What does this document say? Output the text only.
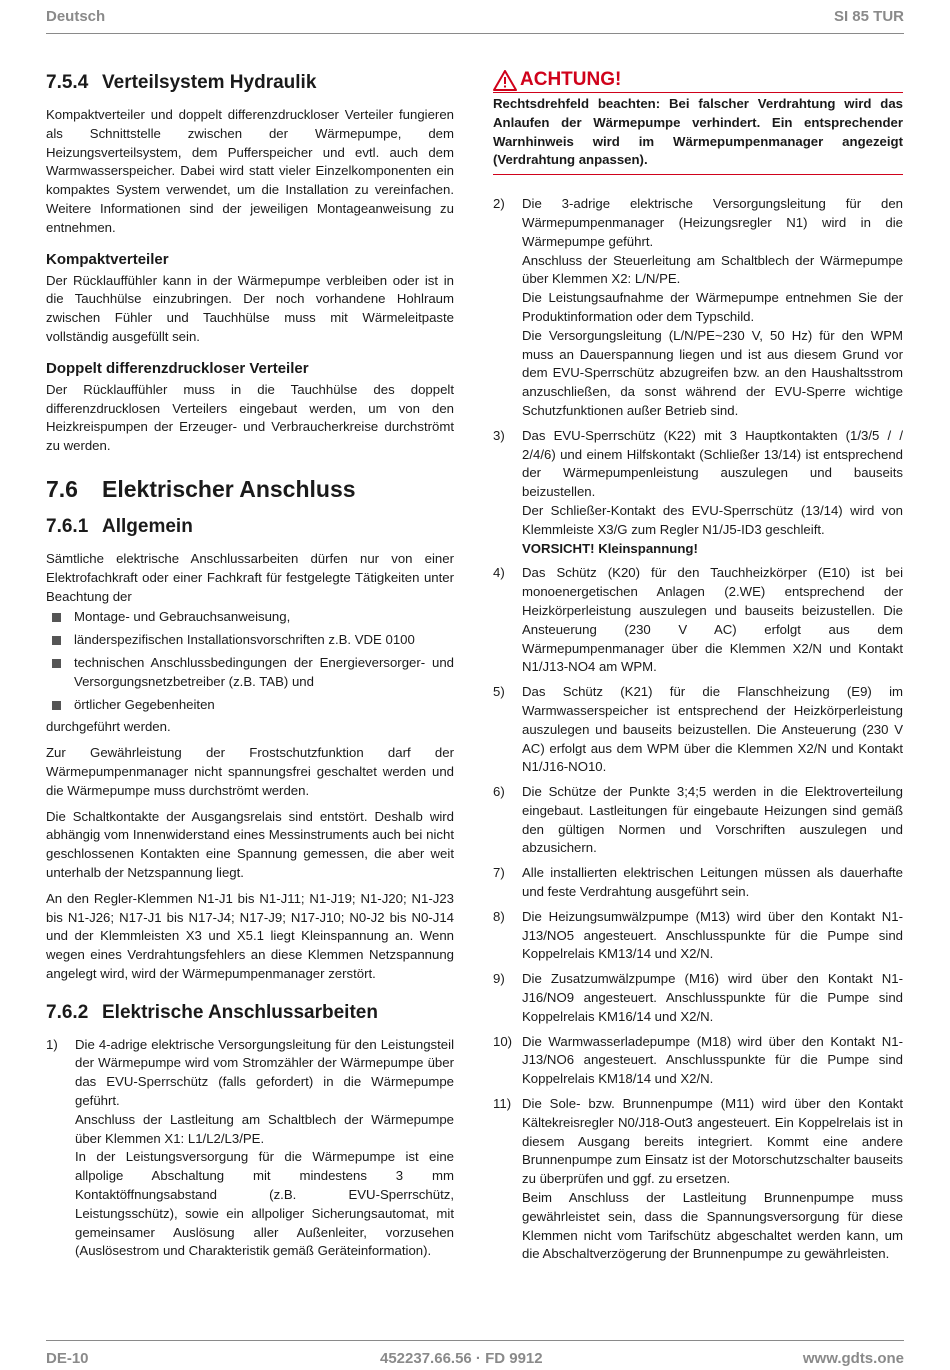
Deutsch	SI 85 TUR
7.5.4 Verteilsystem Hydraulik

Kompaktverteiler und doppelt differenzdruckloser Verteiler fungieren als Schnittstelle zwischen der Wärmepumpe, dem Heizungsverteilsystem, dem Pufferspeicher und evtl. auch dem Warmwasserspeicher. Dabei wird statt vieler Einzelkomponenten ein kompaktes System verwendet, um die Installation zu vereinfachen. Weitere Informationen sind der jeweiligen Montageanweisung zu entnehmen.

Kompaktverteiler

Der Rücklauffühler kann in der Wärmepumpe verbleiben oder ist in die Tauchhülse einzubringen. Der noch vorhandene Hohlraum zwischen Fühler und Tauchhülse muss mit Wärmeleitpaste vollständig ausgefüllt sein.

Doppelt differenzdruckloser Verteiler

Der Rücklauffühler muss in die Tauchhülse des doppelt differenzdrucklosen Verteilers eingebaut werden, um von den Heizkreispumpen der Erzeuger- und Verbraucherkreise durchströmt zu werden.

7.6 Elektrischer Anschluss
7.6.1 Allgemein

Sämtliche elektrische Anschlussarbeiten dürfen nur von einer Elektrofachkraft oder einer Fachkraft für festgelegte Tätigkeiten unter Beachtung der

Montage- und Gebrauchsanweisung,
länderspezifischen Installationsvorschriften z.B. VDE 0100
technischen Anschlussbedingungen der Energieversorger- und Versorgungsnetzbetreiber (z.B. TAB) und
örtlicher Gegebenheiten

durchgeführt werden.

Zur Gewährleistung der Frostschutzfunktion darf der Wärmepumpenmanager nicht spannungsfrei geschaltet werden und die Wärmepumpe muss durchströmt werden.

Die Schaltkontakte der Ausgangsrelais sind entstört. Deshalb wird abhängig vom Innenwiderstand eines Messinstruments auch bei nicht geschlossenen Kontakten eine Spannung gemessen, die aber weit unterhalb der Netzspannung liegt.

An den Regler-Klemmen N1-J1 bis N1-J11; N1-J19; N1-J20; N1-J23 bis N1-J26; N17-J1 bis N17-J4; N17-J9; N17-J10; N0-J2 bis N0-J14 und der Klemmleisten X3 und X5.1 liegt Kleinspannung an. Wenn wegen eines Verdrahtungsfehlers an diese Klemmen Netzspannung angelegt wird, wird der Wärmepumpenmanager zerstört.

7.6.2 Elektrische Anschlussarbeiten
1) Die 4-adrige elektrische Versorgungsleitung für den Leistungsteil der Wärmepumpe wird vom Stromzähler der Wärmepumpe über das EVU-Sperrschütz (falls gefordert) in die Wärmepumpe geführt.
Anschluss der Lastleitung am Schaltblech der Wärmepumpe über Klemmen X1: L1/L2/L3/PE.
In der Leistungsversorgung für die Wärmepumpe ist eine allpolige Abschaltung mit mindestens 3 mm Kontaktöffnungsabstand (z.B. EVU-Sperrschütz, Leistungsschütz), sowie ein allpoliger Sicherungsautomat, mit gemeinsamer Auslösung aller Außenleiter, vorzusehen (Auslösestrom und Charakteristik gemäß Geräteinformation).
ACHTUNG!
Rechtsdrehfeld beachten: Bei falscher Verdrahtung wird das Anlaufen der Wärmepumpe verhindert. Ein entsprechender Warnhinweis wird im Wärmepumpenmanager angezeigt (Verdrahtung anpassen).
2) Die 3-adrige elektrische Versorgungsleitung für den Wärmepumpenmanager (Heizungsregler N1) wird in die Wärmepumpe geführt.
Anschluss der Steuerleitung am Schaltblech der Wärmepumpe über Klemmen X2: L/N/PE.
Die Leistungsaufnahme der Wärmepumpe entnehmen Sie der Produktinformation oder dem Typschild.
Die Versorgungsleitung (L/N/PE~230 V, 50 Hz) für den WPM muss an Dauerspannung liegen und ist aus diesem Grund vor dem EVU-Sperrschütz abzugreifen bzw. an den Haushaltsstrom anzuschließen, da sonst während der EVU-Sperre wichtige Schutzfunktionen außer Betrieb sind.
3) Das EVU-Sperrschütz (K22) mit 3 Hauptkontakten (1/3/5 / / 2/4/6) und einem Hilfskontakt (Schließer 13/14) ist entsprechend der Wärmepumpenleistung auszulegen und bauseits beizustellen.
Der Schließer-Kontakt des EVU-Sperrschütz (13/14) wird von Klemmleiste X3/G zum Regler N1/J5-ID3 geschleift.
VORSICHT! Kleinspannung!
4) Das Schütz (K20) für den Tauchheizkörper (E10) ist bei monoenergetischen Anlagen (2.WE) entsprechend der Heizkörperleistung auszulegen und bauseits beizustellen. Die Ansteuerung (230 V AC) erfolgt aus dem Wärmepumpenmanager über die Klemmen X2/N und Kontakt N1/J13-NO4 am WPM.
5) Das Schütz (K21) für die Flanschheizung (E9) im Warmwasserspeicher ist entsprechend der Heizkörperleistung auszulegen und bauseits beizustellen. Die Ansteuerung (230 V AC) erfolgt aus dem WPM über die Klemmen X2/N und Kontakt N1/J16-NO10.
6) Die Schütze der Punkte 3;4;5 werden in die Elektroverteilung eingebaut. Lastleitungen für eingebaute Heizungen sind gemäß den gültigen Normen und Vorschriften auszulegen und abzusichern.
7) Alle installierten elektrischen Leitungen müssen als dauerhafte und feste Verdrahtung ausgeführt sein.
8) Die Heizungsumwälzpumpe (M13) wird über den Kontakt N1-J13/NO5 angesteuert. Anschlusspunkte für die Pumpe sind Koppelrelais KM13/14 und X2/N.
9) Die Zusatzumwälzpumpe (M16) wird über den Kontakt N1-J16/NO9 angesteuert. Anschlusspunkte für die Pumpe sind Koppelrelais KM16/14 und X2/N.
10) Die Warmwasserladepumpe (M18) wird über den Kontakt N1-J13/NO6 angesteuert. Anschlusspunkte für die Pumpe sind Koppelrelais KM18/14 und X2/N.
11) Die Sole- bzw. Brunnenpumpe (M11) wird über den Kontakt Kältekreisregler N0/J18-Out3 angesteuert. Ein Koppelrelais ist in diesem Ausgang bereits integriert. Kommt eine andere Brunnenpumpe zum Einsatz ist der Motorschutzschalter bauseits zu überprüfen und ggf. zu ersetzen.
Beim Anschluss der Lastleitung Brunnenpumpe muss gewährleistet sein, dass die Spannungsversorgung für diese Klemmen nicht vom Tarifschütz abgeschaltet werden kann, um die Abschaltverzögerung der Brunnenpumpe zu gewährleisten.
DE-10	452237.66.56 · FD 9912	www.gdts.one
